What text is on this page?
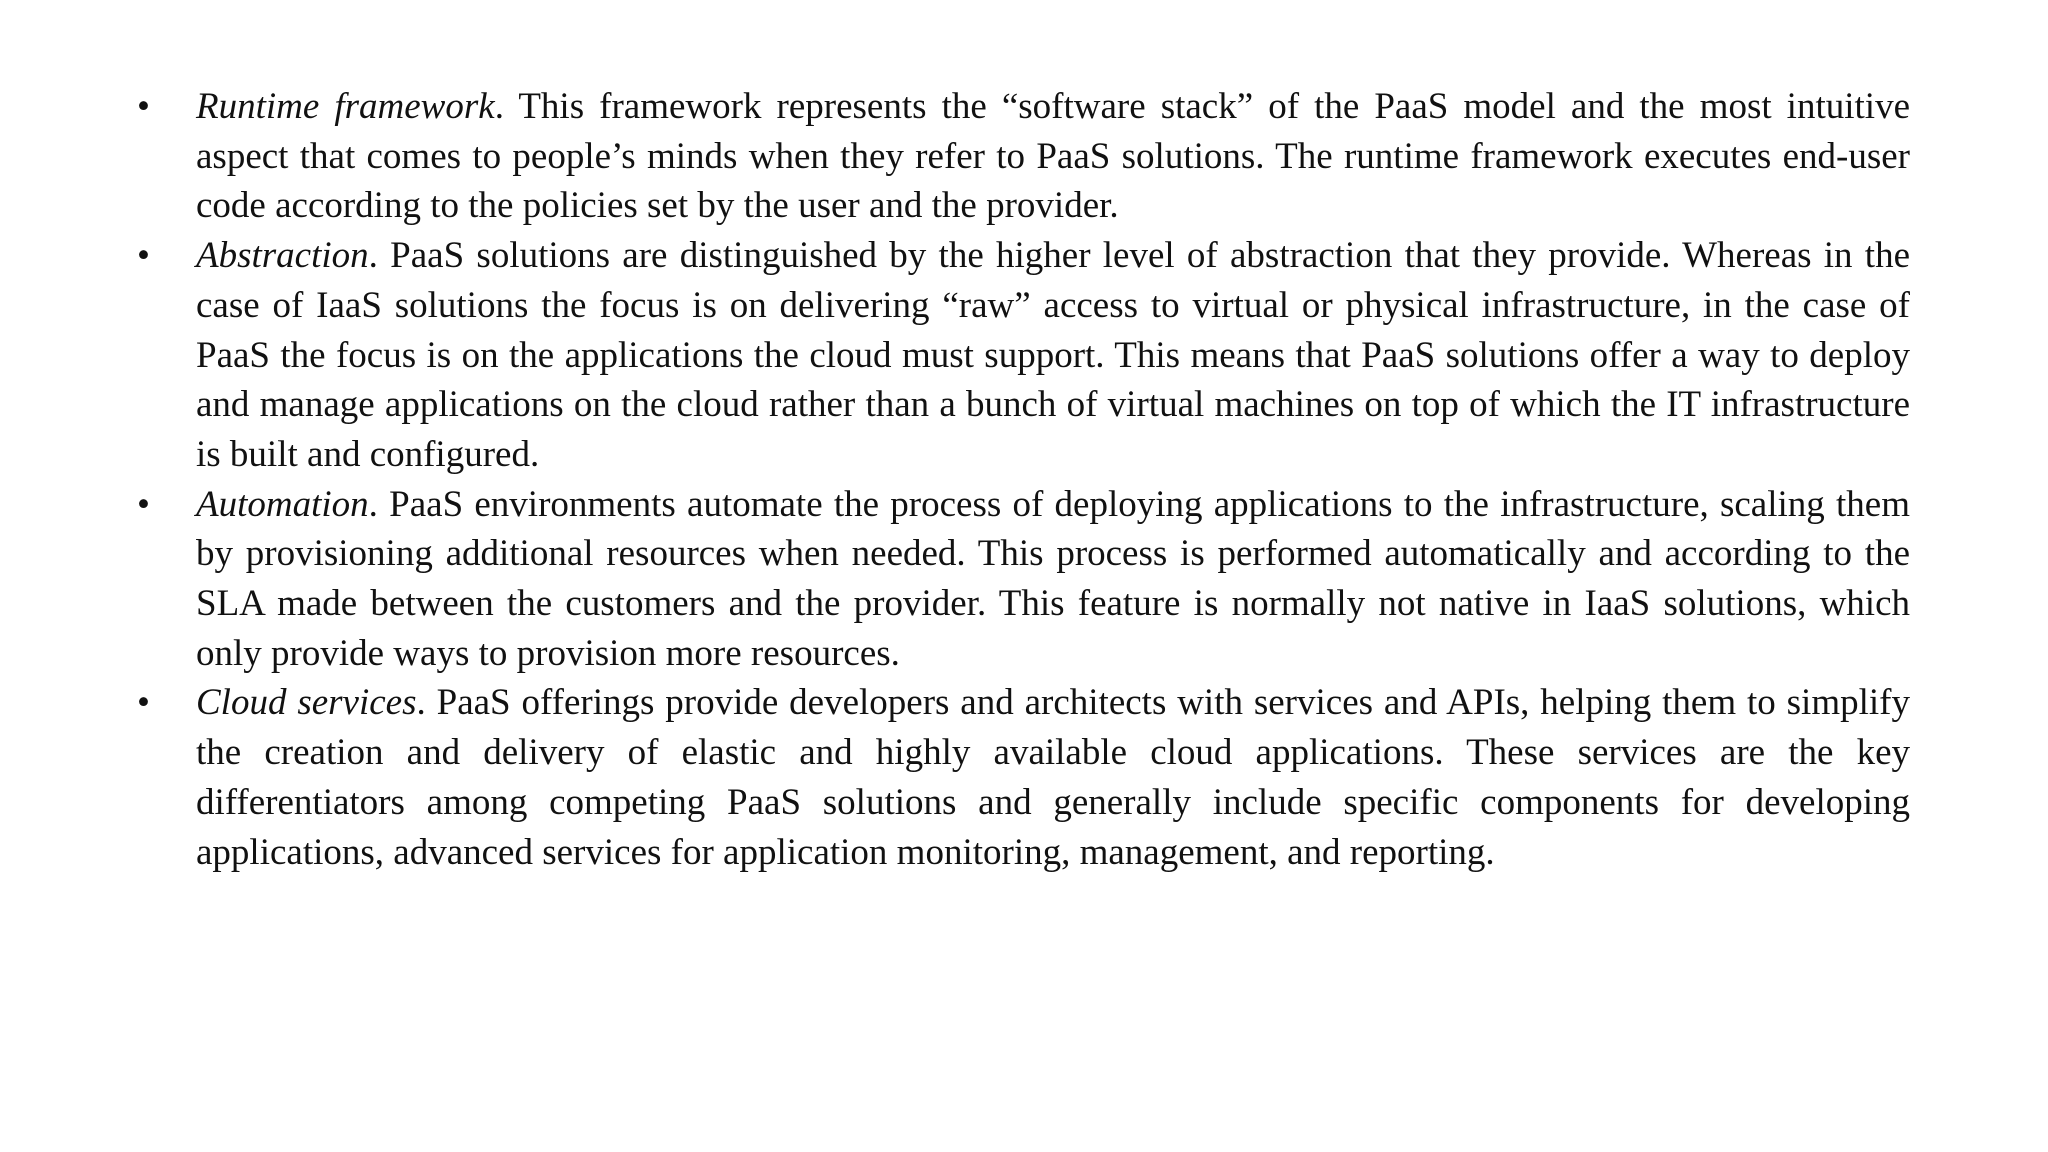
• Runtime framework. This framework represents the “software stack” of the PaaS model and the most intuitive aspect that comes to people’s minds when they refer to PaaS solutions. The runtime framework executes end-user code according to the policies set by the user and the provider.
• Abstraction. PaaS solutions are distinguished by the higher level of abstraction that they provide. Whereas in the case of IaaS solutions the focus is on delivering “raw” access to virtual or physical infrastructure, in the case of PaaS the focus is on the applications the cloud must support. This means that PaaS solutions offer a way to deploy and manage applications on the cloud rather than a bunch of virtual machines on top of which the IT infrastructure is built and configured.
• Automation. PaaS environments automate the process of deploying applications to the infrastructure, scaling them by provisioning additional resources when needed. This process is performed automatically and according to the SLA made between the customers and the provider. This feature is normally not native in IaaS solutions, which only provide ways to provision more resources.
• Cloud services. PaaS offerings provide developers and architects with services and APIs, helping them to simplify the creation and delivery of elastic and highly available cloud applications. These services are the key differentiators among competing PaaS solutions and generally include specific components for developing applications, advanced services for application monitoring, management, and reporting.
